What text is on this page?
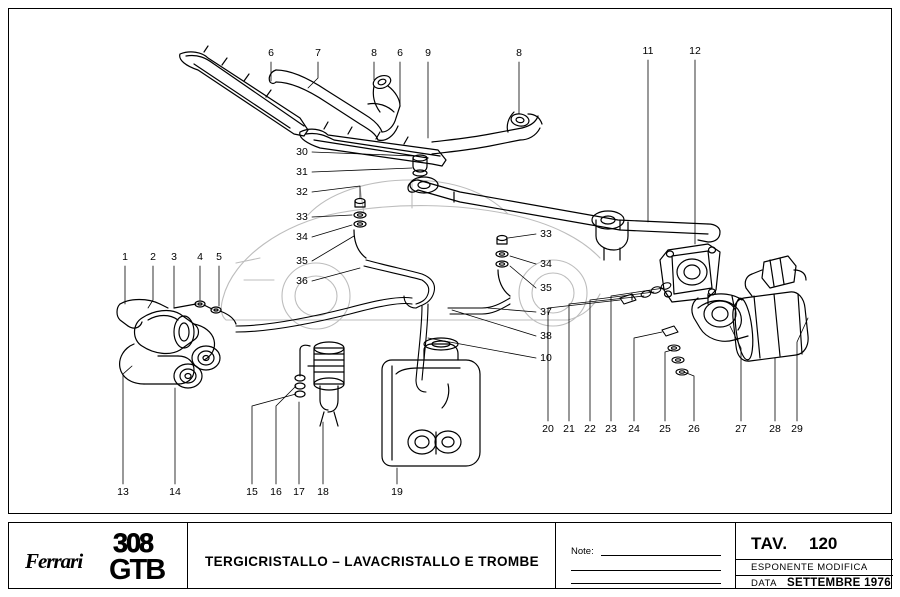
6	7	8 6 9	8	11	12
30
31
32
33
34
35
36
33
34
35
37
38
10
1 2 3 4 5
13	14	15 16 17 18	19
20 21 22 23 24 25 26	27 28 29
Ferrari
308
GTB	TERGICRISTALLO – LAVACRISTALLO E TROMBE
Note:	TAV. 120
ESPONENTE MODIFICA
DATA SETTEMBRE 1976
